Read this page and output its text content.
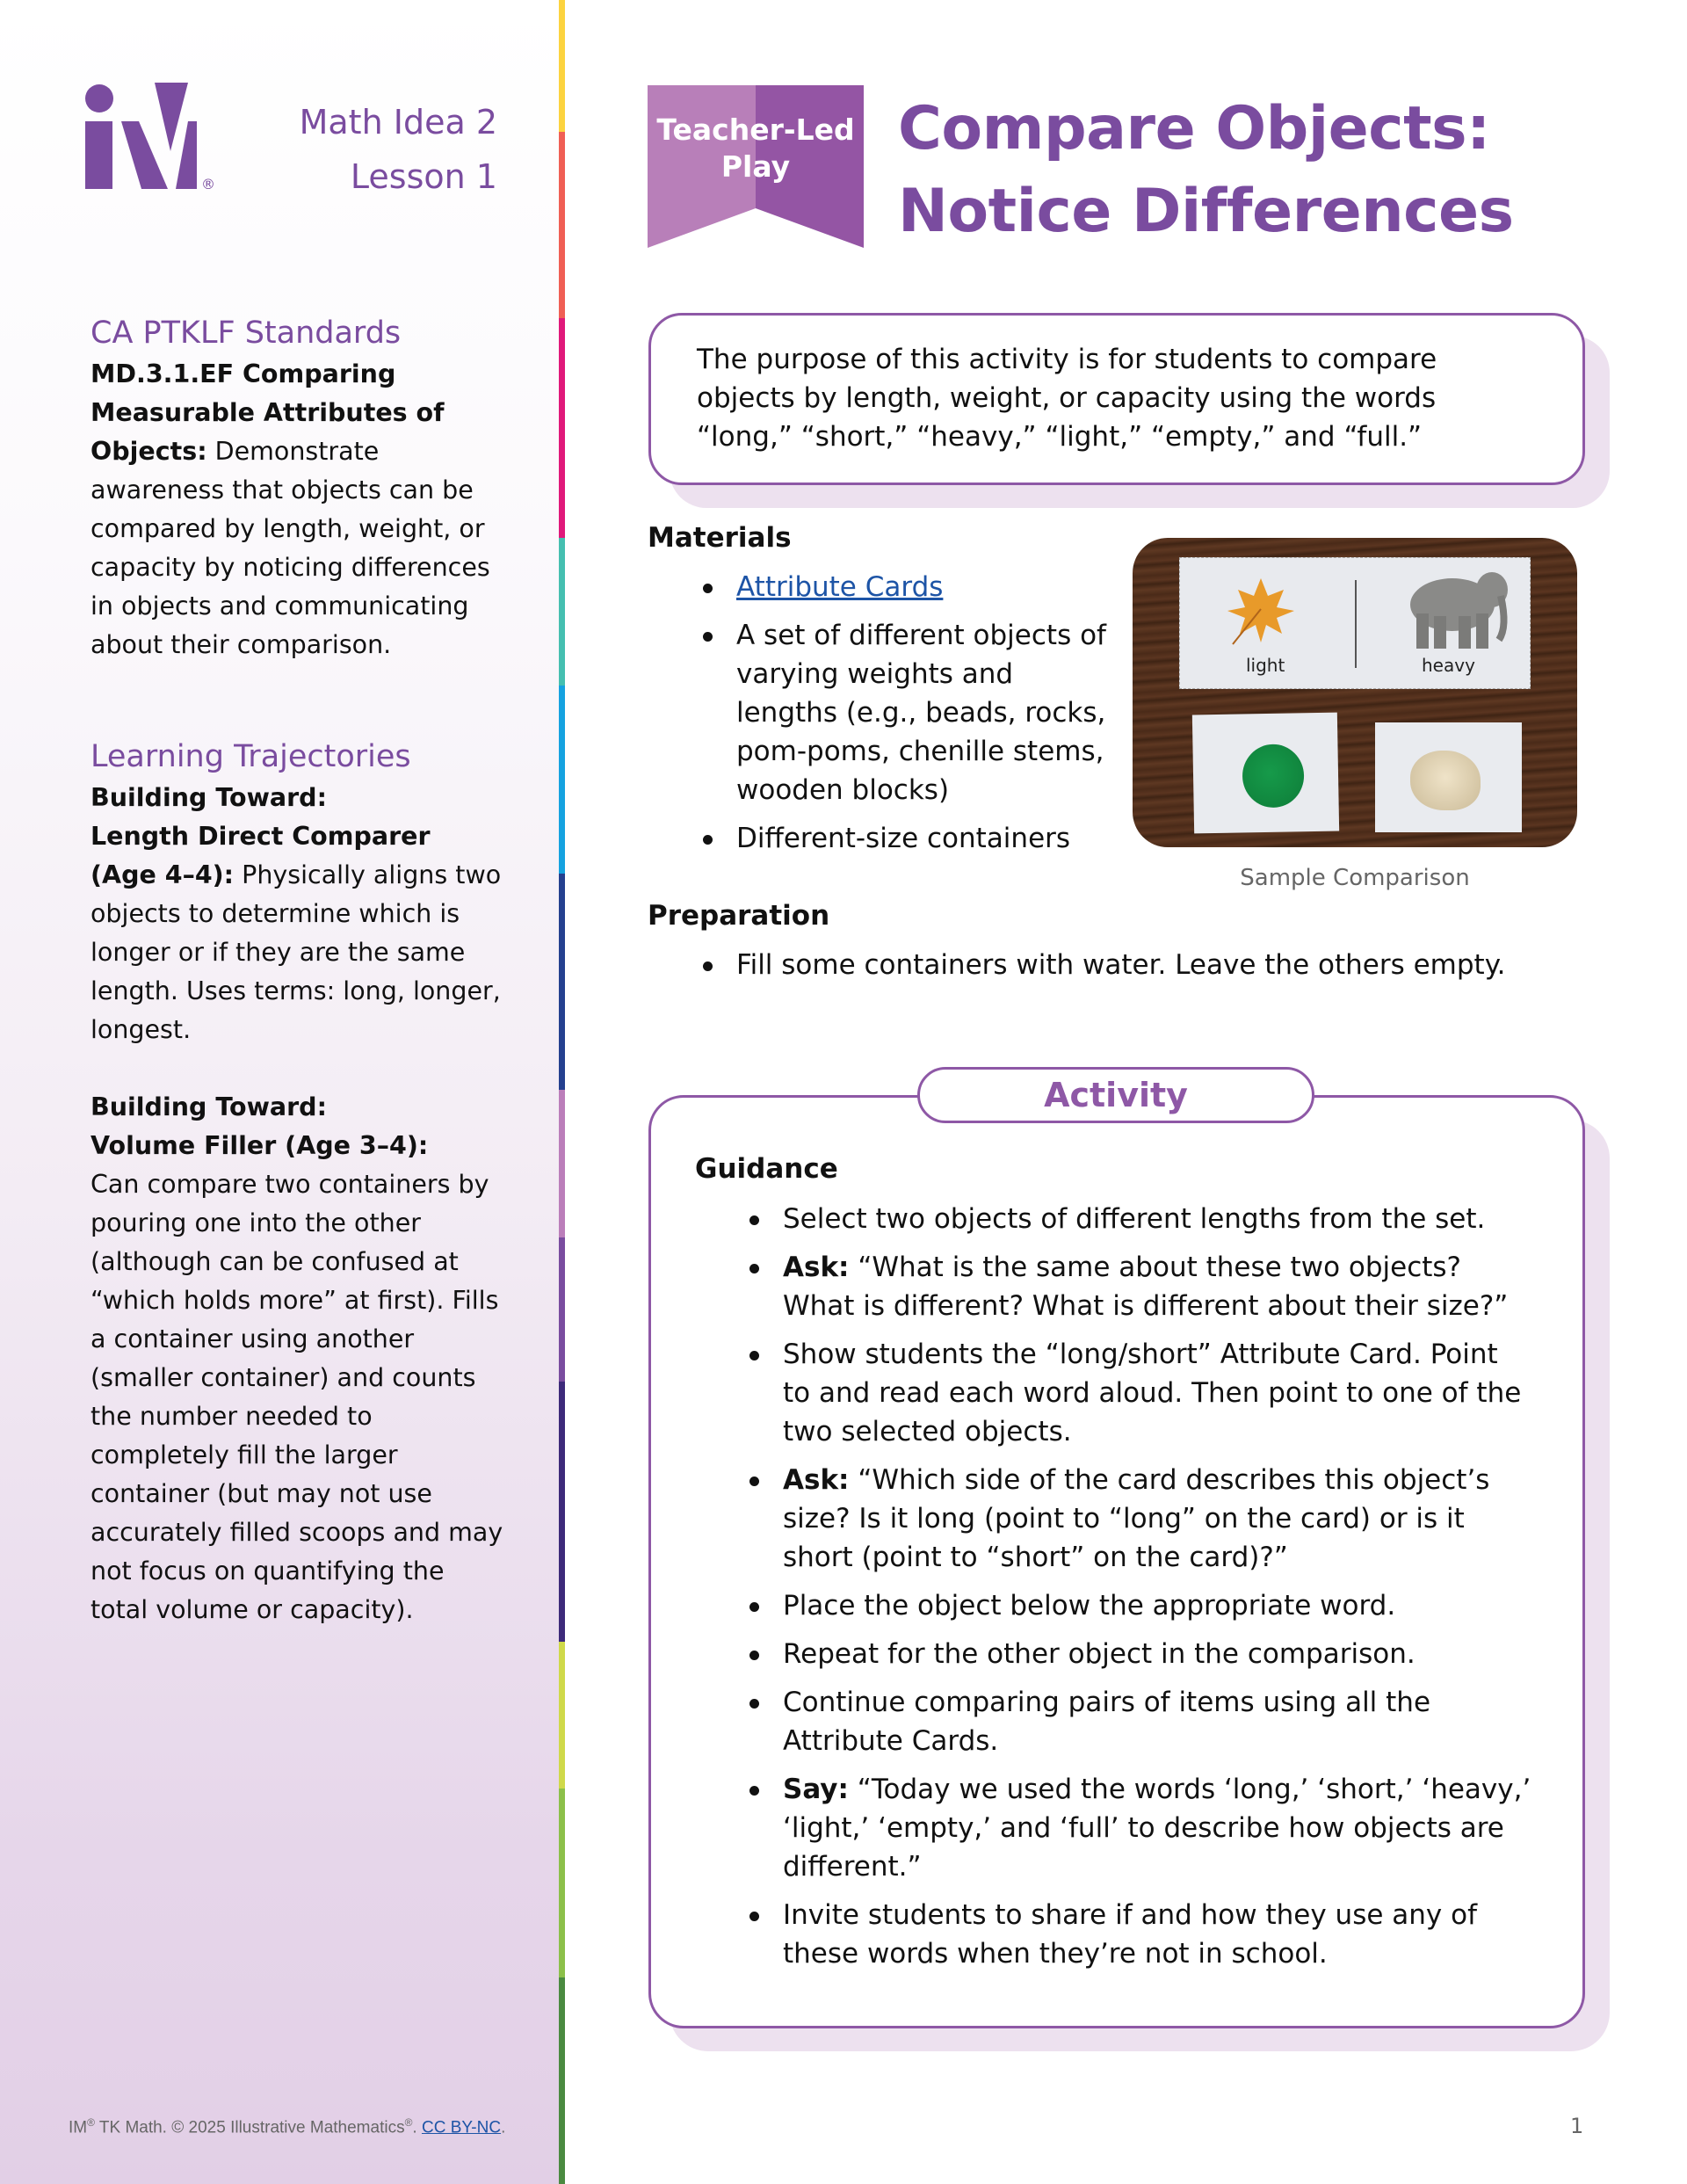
®
Math Idea 2
Lesson 1
CA PTKLF Standards
MD.3.1.EF Comparing Measurable Attributes of Objects: Demonstrate awareness that objects can be compared by length, weight, or capacity by noticing differences in objects and communicating about their comparison.
Learning Trajectories
Building Toward:
Length Direct Comparer (Age 4–4): Physically aligns two objects to determine which is longer or if they are the same length. Uses terms: long, longer, longest.
Building Toward:
Volume Filler (Age 3–4):
Can compare two containers by pouring one into the other (although can be confused at “which holds more” at first). Fills a container using another (smaller container) and counts the number needed to completely fill the larger container (but may not use accurately filled scoops and may not focus on quantifying the total volume or capacity).
IM® TK Math. © 2025 Illustrative Mathematics®. CC BY-NC.	1
Teacher-Led
Play
Compare Objects:
Notice Differences
The purpose of this activity is for students to compare objects by length, weight, or capacity using the words “long,” “short,” “heavy,” “light,” “empty,” and “full.”
Materials
Attribute Cards
A set of different objects of varying weights and lengths (e.g., beads, rocks, pom-poms, chenille stems, wooden blocks)
Different-size containers
light	heavy
Sample Comparison
Preparation
Fill some containers with water. Leave the others empty.
Activity
Guidance
Select two objects of different lengths from the set.
Ask: “What is the same about these two objects? What is different? What is different about their size?”
Show students the “long/short” Attribute Card. Point to and read each word aloud. Then point to one of the two selected objects.
Ask: “Which side of the card describes this object’s size? Is it long (point to “long” on the card) or is it short (point to “short” on the card)?”
Place the object below the appropriate word.
Repeat for the other object in the comparison.
Continue comparing pairs of items using all the Attribute Cards.
Say: “Today we used the words ‘long,’ ‘short,’ ‘heavy,’ ‘light,’ ‘empty,’ and ‘full’ to describe how objects are different.”
Invite students to share if and how they use any of these words when they’re not in school.
